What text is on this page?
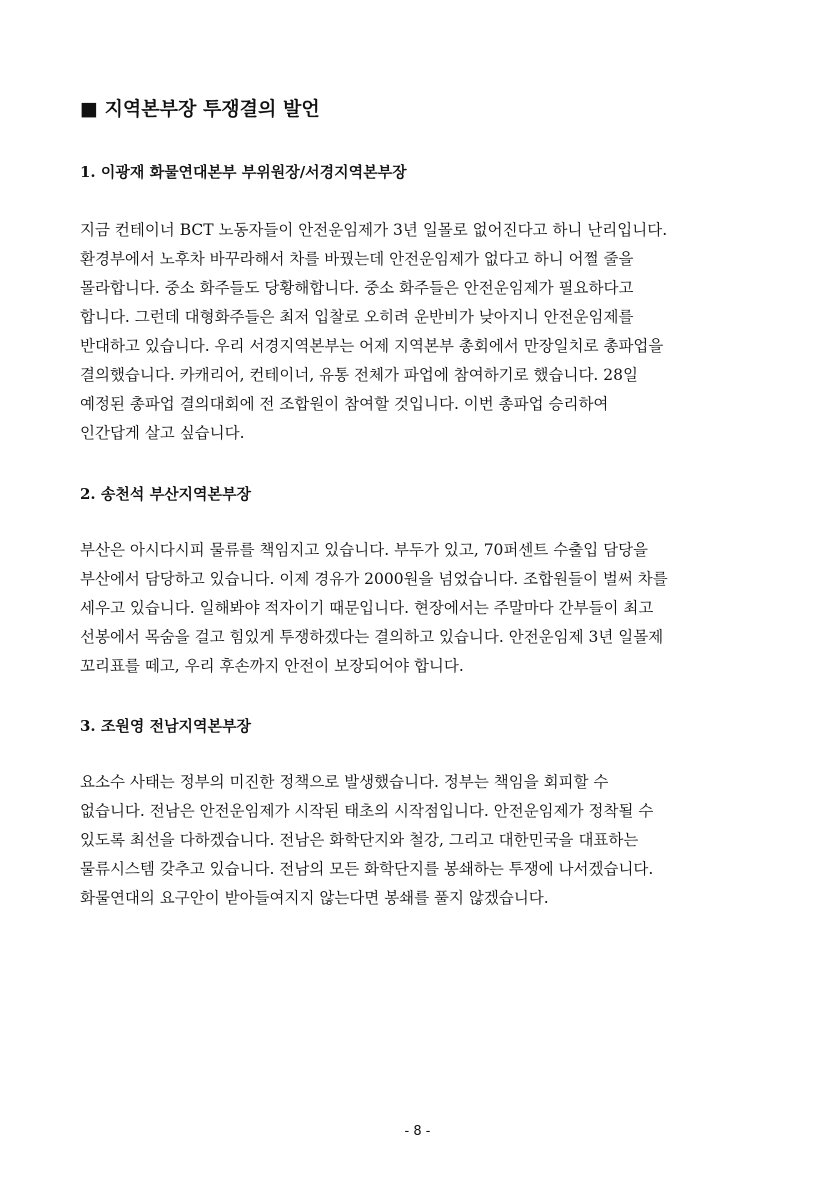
■ 지역본부장 투쟁결의 발언
1. 이광재 화물연대본부 부위원장/서경지역본부장
지금 컨테이너 BCT 노동자들이 안전운임제가 3년 일몰로 없어진다고 하니 난리입니다.
환경부에서 노후차 바꾸라해서 차를 바꿨는데 안전운임제가 없다고 하니 어쩔 줄을
몰라합니다. 중소 화주들도 당황해합니다. 중소 화주들은 안전운임제가 필요하다고
합니다. 그런데 대형화주들은 최저 입찰로 오히려 운반비가 낮아지니 안전운임제를
반대하고 있습니다. 우리 서경지역본부는 어제 지역본부 총회에서 만장일치로 총파업을
결의했습니다. 카캐리어, 컨테이너, 유통 전체가 파업에 참여하기로 했습니다. 28일
예정된 총파업 결의대회에 전 조합원이 참여할 것입니다. 이번 총파업 승리하여
인간답게 살고 싶습니다.
2. 송천석 부산지역본부장
부산은 아시다시피 물류를 책임지고 있습니다. 부두가 있고, 70퍼센트 수출입 담당을
부산에서 담당하고 있습니다. 이제 경유가 2000원을 넘었습니다. 조합원들이 벌써 차를
세우고 있습니다. 일해봐야 적자이기 때문입니다. 현장에서는 주말마다 간부들이 최고
선봉에서 목숨을 걸고 힘있게 투쟁하겠다는 결의하고 있습니다. 안전운임제 3년 일몰제
꼬리표를 떼고, 우리 후손까지 안전이 보장되어야 합니다.
3. 조원영 전남지역본부장
요소수 사태는 정부의 미진한 정책으로 발생했습니다. 정부는 책임을 회피할 수
없습니다. 전남은 안전운임제가 시작된 태초의 시작점입니다. 안전운임제가 정착될 수
있도록 최선을 다하겠습니다. 전남은 화학단지와 철강, 그리고 대한민국을 대표하는
물류시스템 갖추고 있습니다. 전남의 모든 화학단지를 봉쇄하는 투쟁에 나서겠습니다.
화물연대의 요구안이 받아들여지지 않는다면 봉쇄를 풀지 않겠습니다.
- 8 -
